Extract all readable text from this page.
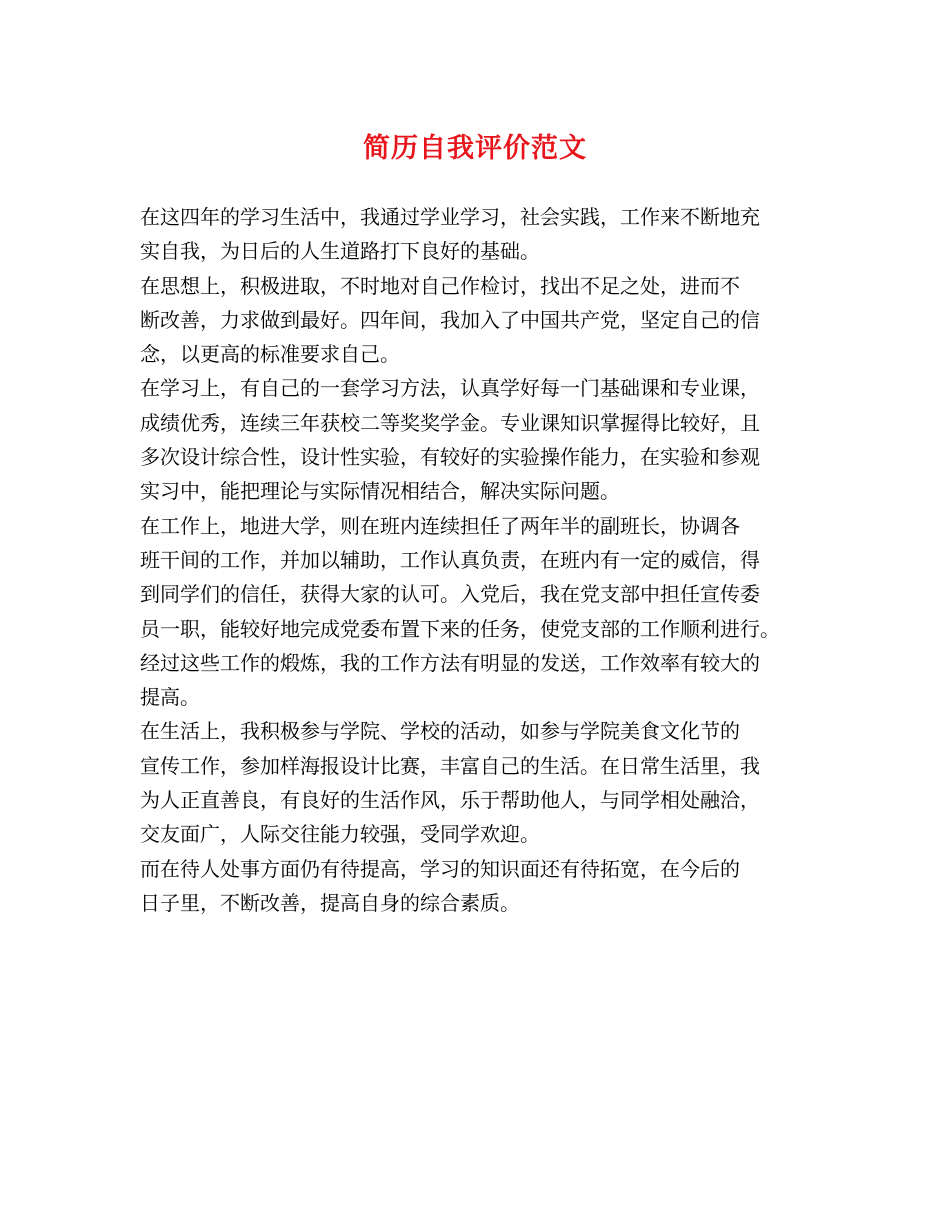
简历自我评价范文
在这四年的学习生活中，我通过学业学习，社会实践，工作来不断地充
实自我，为日后的人生道路打下良好的基础。
在思想上，积极进取，不时地对自己作检讨，找出不足之处，进而不
断改善，力求做到最好。四年间，我加入了中国共产党，坚定自己的信
念，以更高的标准要求自己。
在学习上，有自己的一套学习方法，认真学好每一门基础课和专业课，
成绩优秀，连续三年获校二等奖奖学金。专业课知识掌握得比较好，且
多次设计综合性，设计性实验，有较好的实验操作能力，在实验和参观
实习中，能把理论与实际情况相结合，解决实际问题。
在工作上，地进大学，则在班内连续担任了两年半的副班长，协调各
班干间的工作，并加以辅助，工作认真负责，在班内有一定的威信，得
到同学们的信任，获得大家的认可。入党后，我在党支部中担任宣传委
员一职，能较好地完成党委布置下来的任务，使党支部的工作顺利进行。
经过这些工作的煅炼，我的工作方法有明显的发送，工作效率有较大的
提高。
在生活上，我积极参与学院、学校的活动，如参与学院美食文化节的
宣传工作，参加样海报设计比赛，丰富自己的生活。在日常生活里，我
为人正直善良，有良好的生活作风，乐于帮助他人，与同学相处融洽，
交友面广，人际交往能力较强，受同学欢迎。
而在待人处事方面仍有待提高，学习的知识面还有待拓宽，在今后的
日子里，不断改善，提高自身的综合素质。
